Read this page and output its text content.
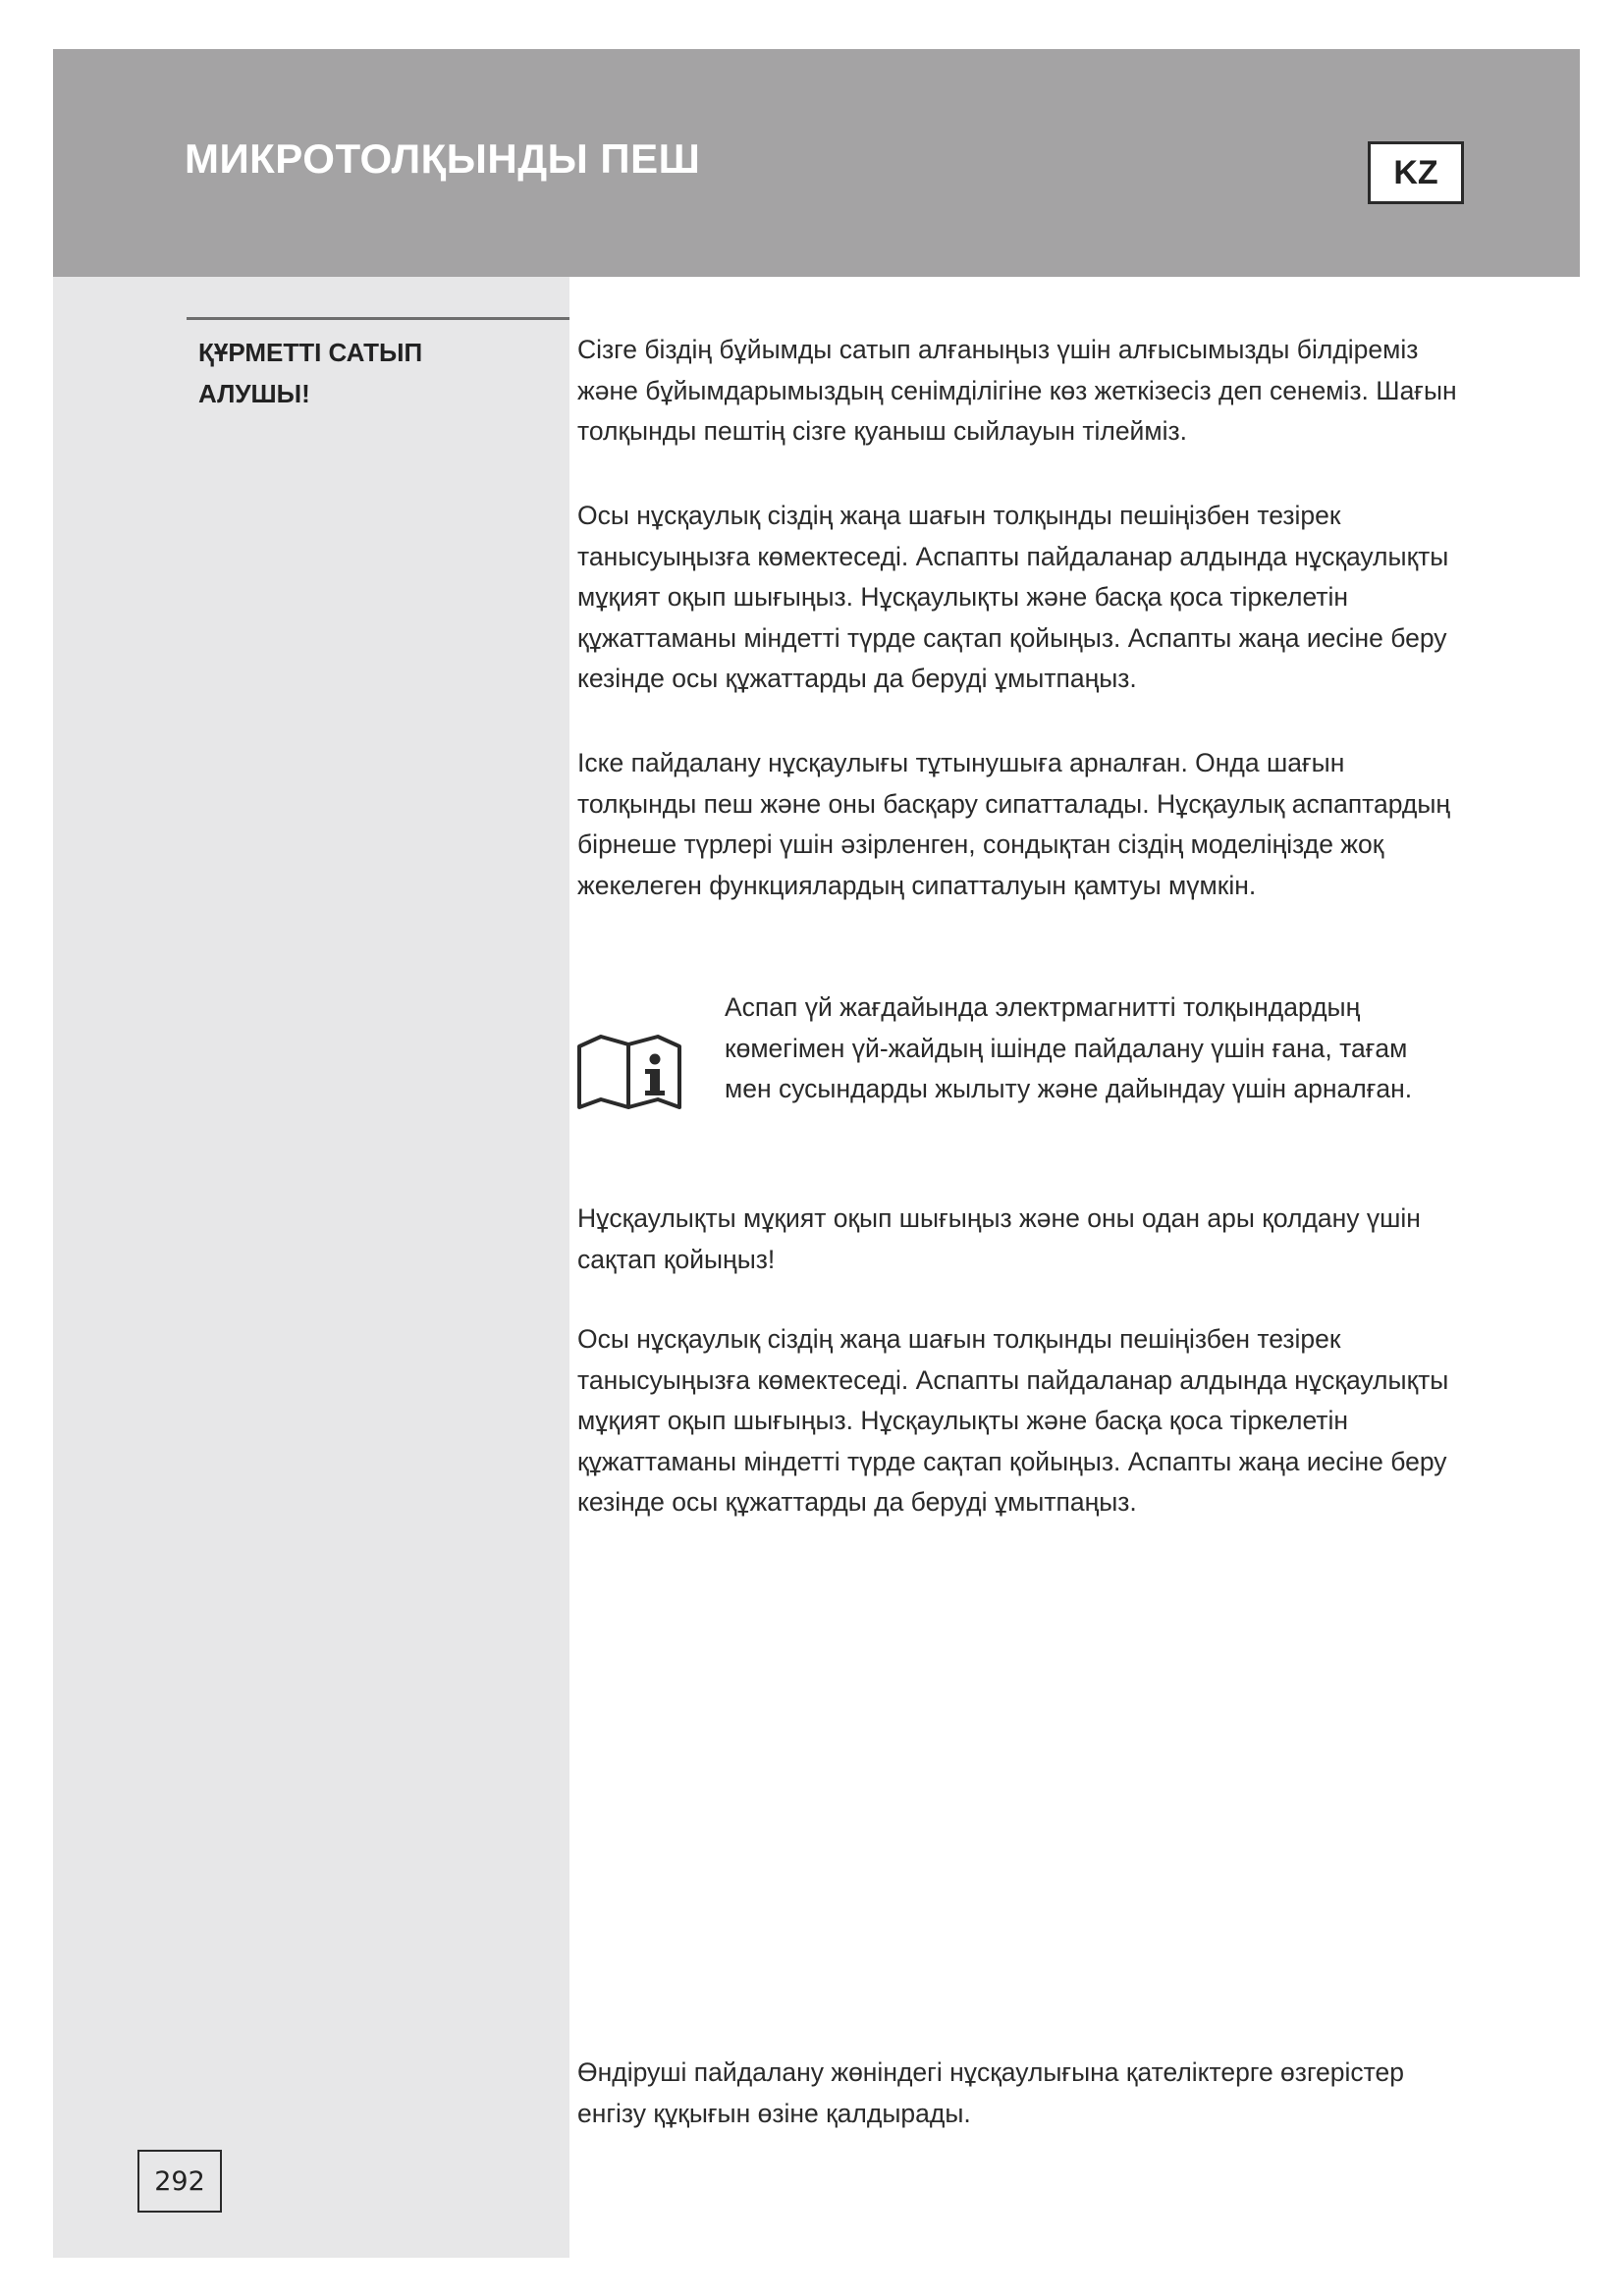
МИКРОТОЛҚЫНДЫ ПЕШ	KZ
ҚҰРМЕТТІ САТЫП АЛУШЫ!

Сізге біздің бұйымды сатып алғаныңыз үшін алғысымызды білдіреміз және бұйымдарымыздың сенімділігіне көз жеткізесіз деп сенеміз. Шағын толқынды пештің сізге қуаныш сыйлауын тілейміз.

Осы нұсқаулық сіздің жаңа шағын толқынды пешіңізбен тезірек танысуыңызға көмектеседі. Аспапты пайдаланар алдында нұсқаулықты мұқият оқып шығыңыз. Нұсқаулықты және басқа қоса тіркелетін құжаттаманы міндетті түрде сақтап қойыңыз. Аспапты жаңа иесіне беру кезінде осы құжаттарды да беруді ұмытпаңыз.

Іске пайдалану нұсқаулығы тұтынушыға арналған. Онда шағын толқынды пеш және оны басқару сипатталады. Нұсқаулық аспаптардың бірнеше түрлері үшін әзірленген, сондықтан сіздің моделіңізде жоқ жекелеген функциялардың сипатталуын қамтуы мүмкін.

Аспап үй жағдайында электрмагнитті толқындардың көмегімен үй-жайдың ішінде пайдалану үшін ғана, тағам мен сусындарды жылыту және дайындау үшін арналған.

Нұсқаулықты мұқият оқып шығыңыз және оны одан ары қолдану үшін сақтап қойыңыз!

Осы нұсқаулық сіздің жаңа шағын толқынды пешіңізбен тезірек танысуыңызға көмектеседі. Аспапты пайдаланар алдында нұсқаулықты мұқият оқып шығыңыз. Нұсқаулықты және басқа қоса тіркелетін құжаттаманы міндетті түрде сақтап қойыңыз. Аспапты жаңа иесіне беру кезінде осы құжаттарды да беруді ұмытпаңыз.

Өндіруші пайдалану жөніндегі нұсқаулығына қателіктерге өзгерістер енгізу құқығын өзіне қалдырады.

292
